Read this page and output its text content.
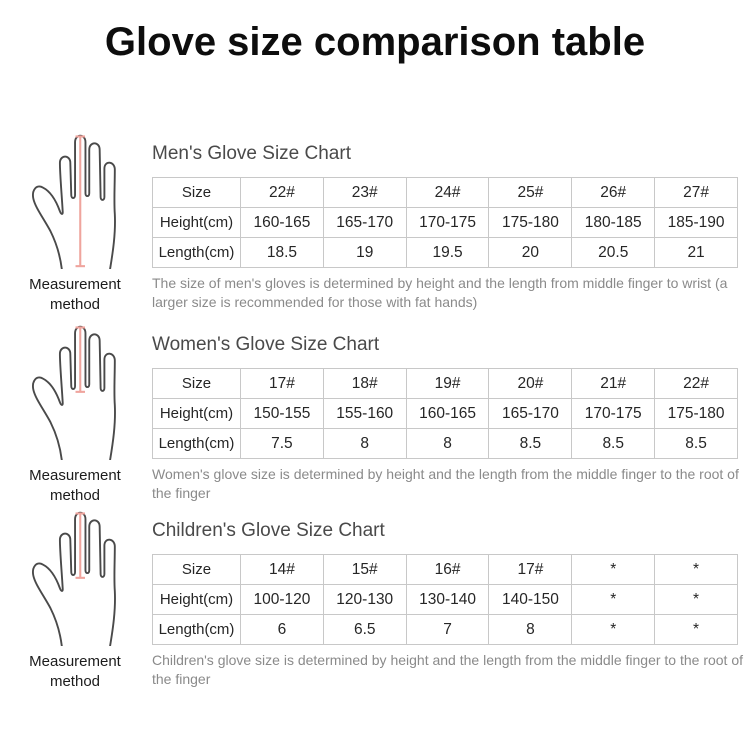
Glove size comparison table
Measurement
method
Men's Glove Size Chart
Size	22#	23#	24#	25#	26#	27#
Height(cm)	160-165	165-170	170-175	175-180	180-185	185-190
Length(cm)	18.5	19	19.5	20	20.5	21

The size of men's gloves is determined by height and the length from middle finger to wrist (a larger size is recommended for those with fat hands)

Measurement
method
Women's Glove Size Chart
Size	17#	18#	19#	20#	21#	22#
Height(cm)	150-155	155-160	160-165	165-170	170-175	175-180
Length(cm)	7.5	8	8	8.5	8.5	8.5

Women's glove size is determined by height and the length from the middle finger to the root of the finger

Measurement
method
Children's Glove Size Chart
Size	14#	15#	16#	17#	*	*
Height(cm)	100-120	120-130	130-140	140-150	*	*
Length(cm)	6	6.5	7	8	*	*

Children's glove size is determined by height and the length from the middle finger to the root of the finger
